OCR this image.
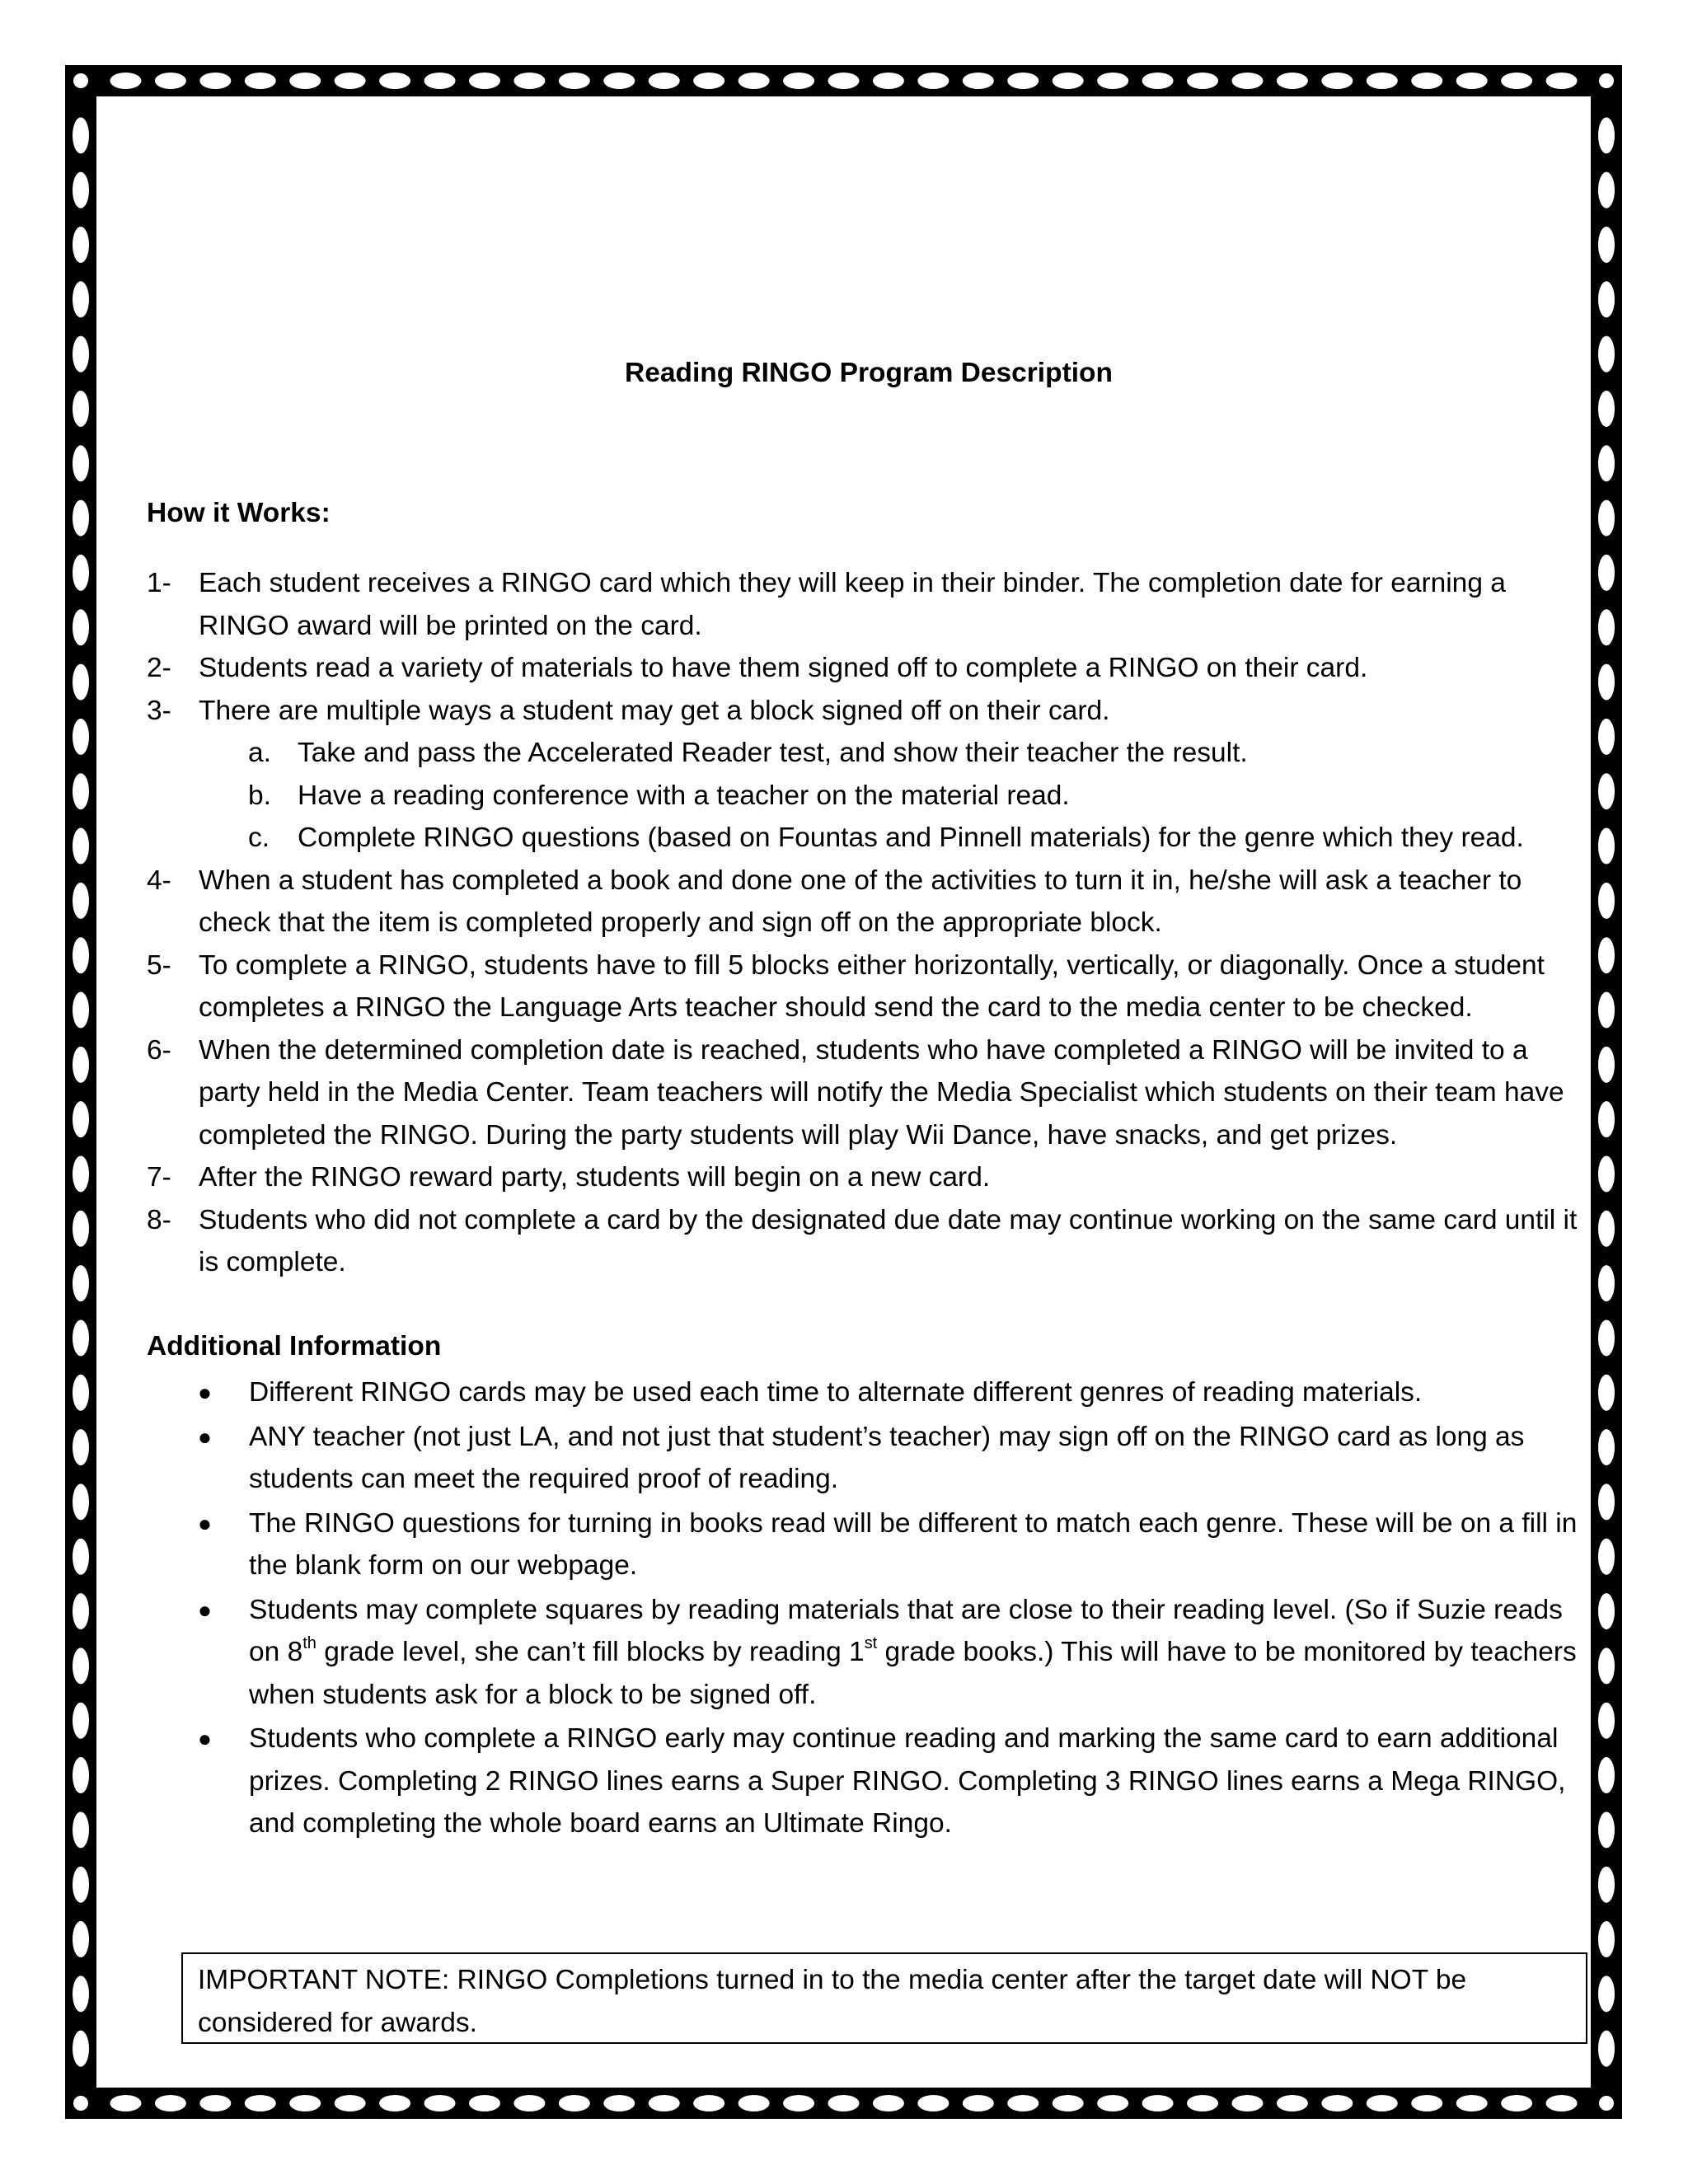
Reading RINGO Program Description
How it Works:
1- Each student receives a RINGO card which they will keep in their binder. The completion date for earning a RINGO award will be printed on the card.
2- Students read a variety of materials to have them signed off to complete a RINGO on their card.
3- There are multiple ways a student may get a block signed off on their card.
a. Take and pass the Accelerated Reader test, and show their teacher the result.
b. Have a reading conference with a teacher on the material read.
c. Complete RINGO questions (based on Fountas and Pinnell materials) for the genre which they read.
4- When a student has completed a book and done one of the activities to turn it in, he/she will ask a teacher to check that the item is completed properly and sign off on the appropriate block.
5- To complete a RINGO, students have to fill 5 blocks either horizontally, vertically, or diagonally. Once a student completes a RINGO the Language Arts teacher should send the card to the media center to be checked.
6- When the determined completion date is reached, students who have completed a RINGO will be invited to a party held in the Media Center. Team teachers will notify the Media Specialist which students on their team have completed the RINGO. During the party students will play Wii Dance, have snacks, and get prizes.
7- After the RINGO reward party, students will begin on a new card.
8- Students who did not complete a card by the designated due date may continue working on the same card until it is complete.
Additional Information
● Different RINGO cards may be used each time to alternate different genres of reading materials.
● ANY teacher (not just LA, and not just that student’s teacher) may sign off on the RINGO card as long as students can meet the required proof of reading.
● The RINGO questions for turning in books read will be different to match each genre. These will be on a fill in the blank form on our webpage.
● Students may complete squares by reading materials that are close to their reading level. (So if Suzie reads on 8th grade level, she can’t fill blocks by reading 1st grade books.) This will have to be monitored by teachers when students ask for a block to be signed off.
● Students who complete a RINGO early may continue reading and marking the same card to earn additional prizes. Completing 2 RINGO lines earns a Super RINGO. Completing 3 RINGO lines earns a Mega RINGO, and completing the whole board earns an Ultimate Ringo.
IMPORTANT NOTE: RINGO Completions turned in to the media center after the target date will NOT be considered for awards.
